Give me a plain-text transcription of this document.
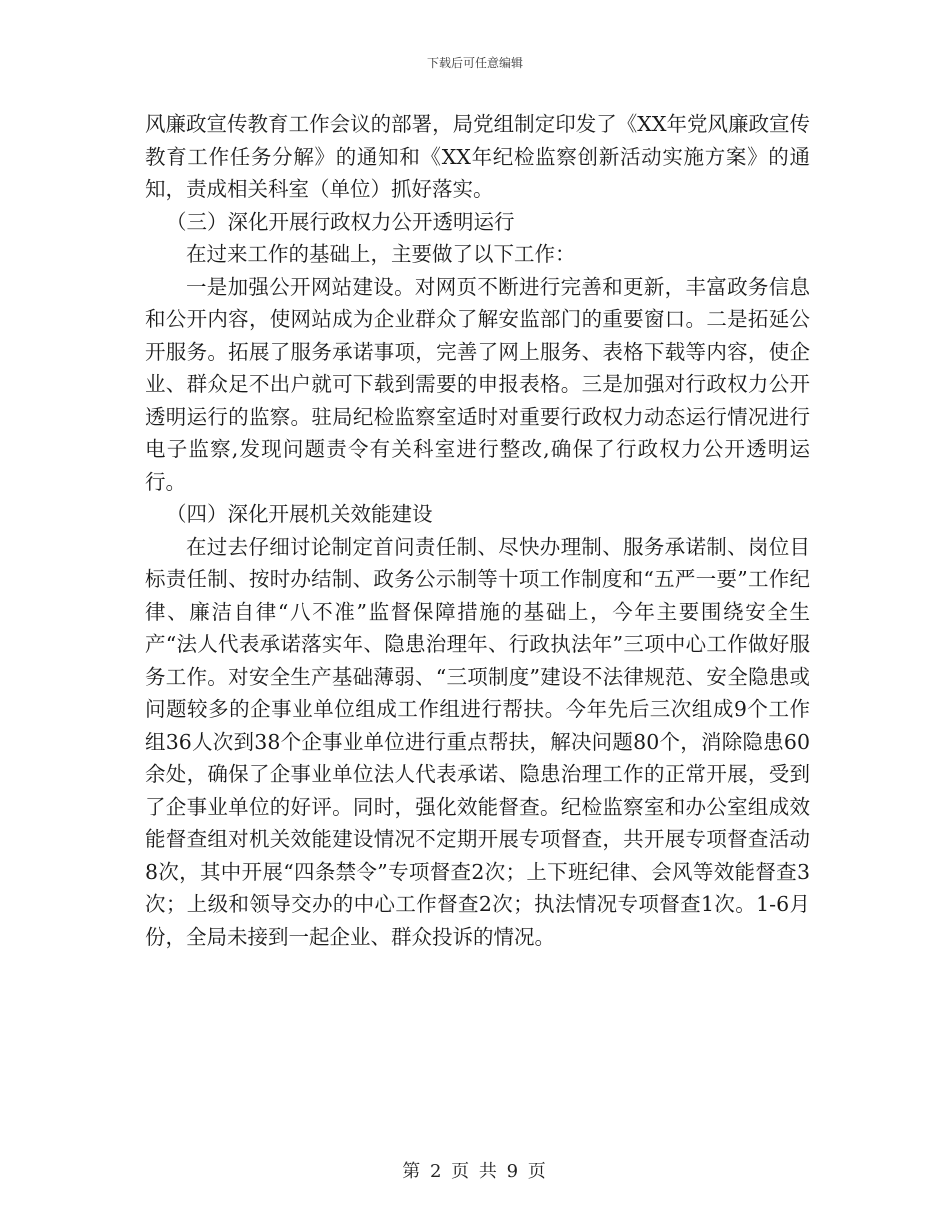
下载后可任意编辑

风廉政宣传教育工作会议的部署，局党组制定印发了《XX年党风廉政宣传教育工作任务分解》的通知和《XX年纪检监察创新活动实施方案》的通知，责成相关科室（单位）抓好落实。

（三）深化开展行政权力公开透明运行

在过来工作的基础上，主要做了以下工作：

一是加强公开网站建设。对网页不断进行完善和更新，丰富政务信息和公开内容，使网站成为企业群众了解安监部门的重要窗口。二是拓延公开服务。拓展了服务承诺事项，完善了网上服务、表格下载等内容，使企业、群众足不出户就可下载到需要的申报表格。三是加强对行政权力公开透明运行的监察。驻局纪检监察室适时对重要行政权力动态运行情况进行电子监察,发现问题责令有关科室进行整改,确保了行政权力公开透明运行。

（四）深化开展机关效能建设

在过去仔细讨论制定首问责任制、尽快办理制、服务承诺制、岗位目标责任制、按时办结制、政务公示制等十项工作制度和“五严一要”工作纪律、廉洁自律“八不准”监督保障措施的基础上，今年主要围绕安全生产“法人代表承诺落实年、隐患治理年、行政执法年”三项中心工作做好服务工作。对安全生产基础薄弱、“三项制度”建设不法律规范、安全隐患或问题较多的企事业单位组成工作组进行帮扶。今年先后三次组成9个工作组36人次到38个企事业单位进行重点帮扶，解决问题80个，消除隐患60余处，确保了企事业单位法人代表承诺、隐患治理工作的正常开展，受到了企事业单位的好评。同时，强化效能督查。纪检监察室和办公室组成效能督查组对机关效能建设情况不定期开展专项督查，共开展专项督查活动8次，其中开展“四条禁令”专项督查2次；上下班纪律、会风等效能督查3次；上级和领导交办的中心工作督查2次；执法情况专项督查1次。1-6月份，全局未接到一起企业、群众投诉的情况。

第 2 页 共 9 页
